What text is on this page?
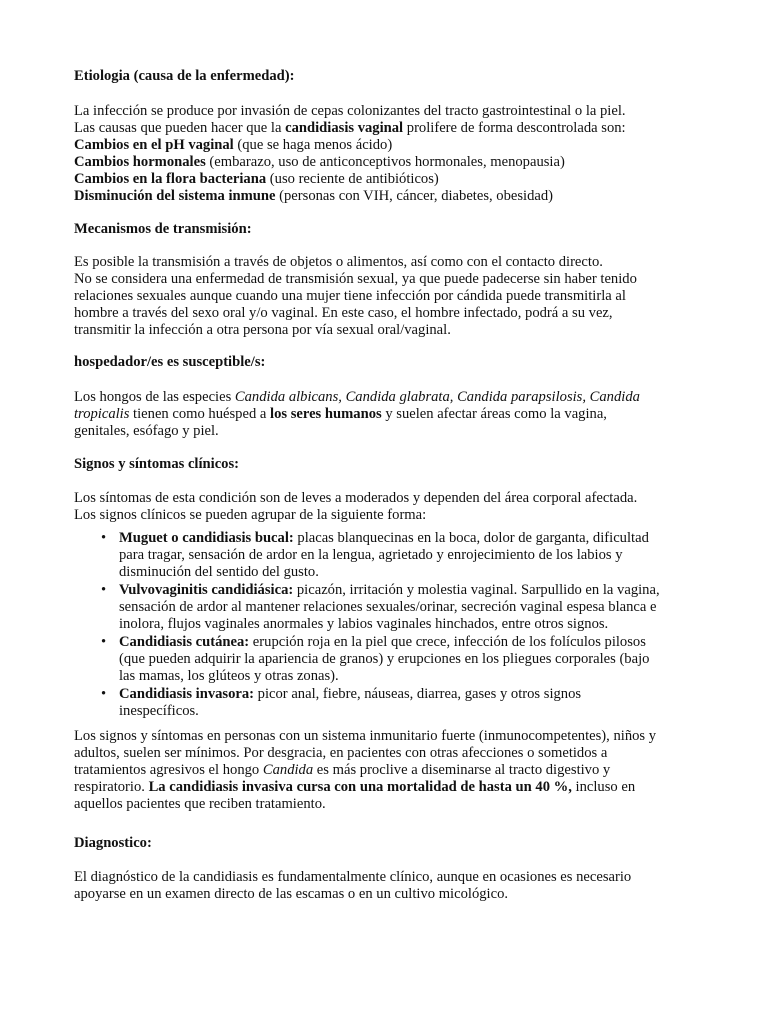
Etiologia (causa de la enfermedad):
La infección se produce por invasión de cepas colonizantes del tracto gastrointestinal o la piel.
Las causas que pueden hacer que la candidiasis vaginal prolifere de forma descontrolada son:
Cambios en el pH vaginal (que se haga menos ácido)
Cambios hormonales (embarazo, uso de anticonceptivos hormonales, menopausia)
Cambios en la flora bacteriana (uso reciente de antibióticos)
Disminución del sistema inmune (personas con VIH, cáncer, diabetes, obesidad)
Mecanismos de transmisión:
Es posible la transmisión a través de objetos o alimentos, así como con el contacto directo.
No se considera una enfermedad de transmisión sexual, ya que puede padecerse sin haber tenido
relaciones sexuales aunque cuando una mujer tiene infección por cándida puede transmitirla al
hombre a través del sexo oral y/o vaginal. En este caso, el hombre infectado, podrá a su vez,
transmitir la infección a otra persona por vía sexual oral/vaginal.
hospedador/es es susceptible/s:
Los hongos de las especies Candida albicans, Candida glabrata, Candida parapsilosis, Candida
tropicalis tienen como huésped a los seres humanos y suelen afectar áreas como la vagina,
genitales, esófago y piel.
Signos y síntomas clínicos:
Los síntomas de esta condición son de leves a moderados y dependen del área corporal afectada.
Los signos clínicos se pueden agrupar de la siguiente forma:
• Muguet o candidiasis bucal: placas blanquecinas en la boca, dolor de garganta, dificultad
para tragar, sensación de ardor en la lengua, agrietado y enrojecimiento de los labios y
disminución del sentido del gusto.
• Vulvovaginitis candidiásica: picazón, irritación y molestia vaginal. Sarpullido en la vagina,
sensación de ardor al mantener relaciones sexuales/orinar, secreción vaginal espesa blanca e
inolora, flujos vaginales anormales y labios vaginales hinchados, entre otros signos.
• Candidiasis cutánea: erupción roja en la piel que crece, infección de los folículos pilosos
(que pueden adquirir la apariencia de granos) y erupciones en los pliegues corporales (bajo
las mamas, los glúteos y otras zonas).
• Candidiasis invasora: picor anal, fiebre, náuseas, diarrea, gases y otros signos
inespecíficos.
Los signos y síntomas en personas con un sistema inmunitario fuerte (inmunocompetentes), niños y
adultos, suelen ser mínimos. Por desgracia, en pacientes con otras afecciones o sometidos a
tratamientos agresivos el hongo Candida es más proclive a diseminarse al tracto digestivo y
respiratorio. La candidiasis invasiva cursa con una mortalidad de hasta un 40 %, incluso en
aquellos pacientes que reciben tratamiento.
Diagnostico:
El diagnóstico de la candidiasis es fundamentalmente clínico, aunque en ocasiones es necesario
apoyarse en un examen directo de las escamas o en un cultivo micológico.
